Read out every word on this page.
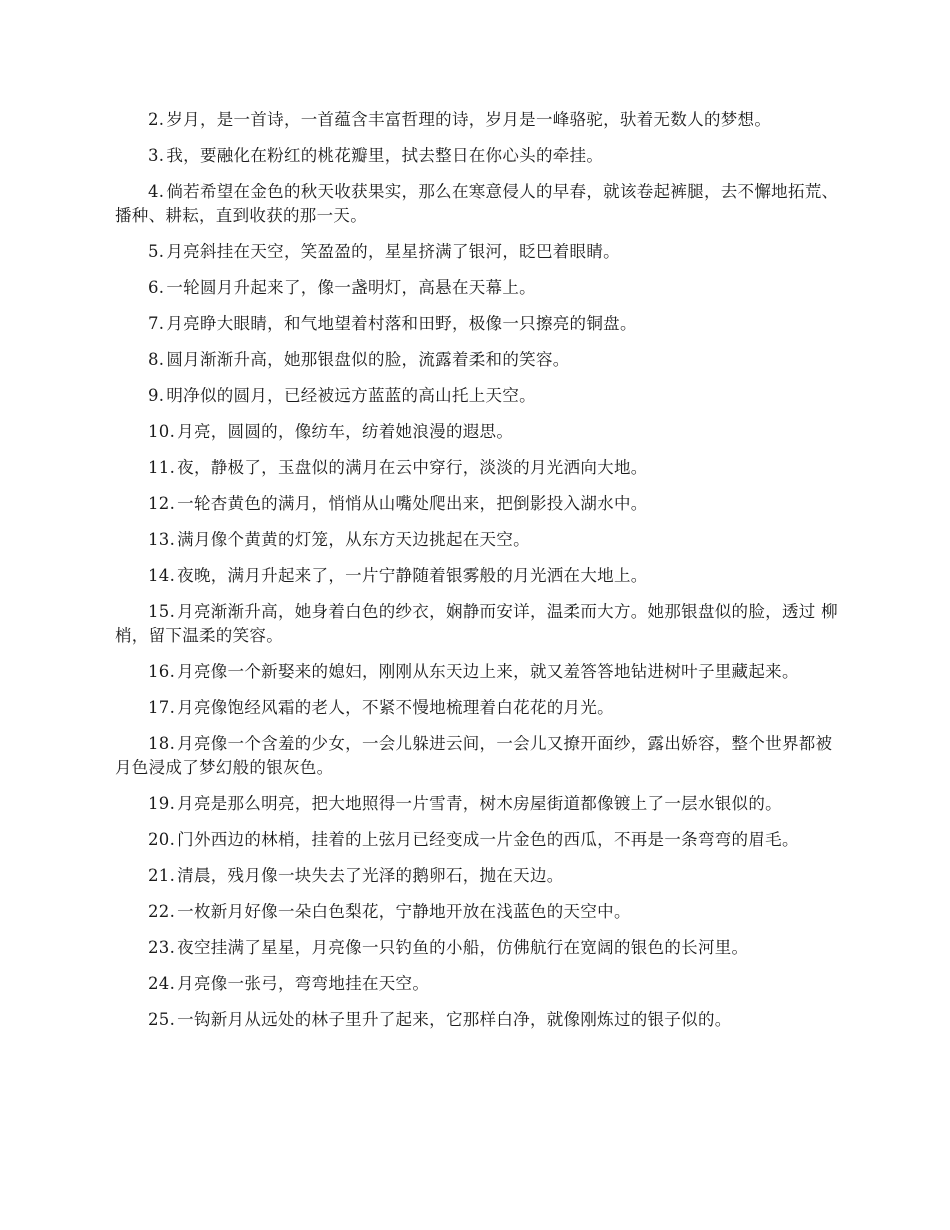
2. 岁月，是一首诗，一首蕴含丰富哲理的诗，岁月是一峰骆驼，驮着无数人的梦想。

3. 我，要融化在粉红的桃花瓣里，拭去整日在你心头的牵挂。

4. 倘若希望在金色的秋天收获果实，那么在寒意侵人的早春，就该卷起裤腿，去不懈地拓荒、播种、耕耘，直到收获的那一天。

5. 月亮斜挂在天空，笑盈盈的，星星挤满了银河，眨巴着眼睛。

6. 一轮圆月升起来了，像一盏明灯，高悬在天幕上。

7. 月亮睁大眼睛，和气地望着村落和田野，极像一只擦亮的铜盘。

8. 圆月渐渐升高，她那银盘似的脸，流露着柔和的笑容。

9. 明净似的圆月，已经被远方蓝蓝的高山托上天空。

10. 月亮，圆圆的，像纺车，纺着她浪漫的遐思。

11. 夜，静极了，玉盘似的满月在云中穿行，淡淡的月光洒向大地。

12. 一轮杏黄色的满月，悄悄从山嘴处爬出来，把倒影投入湖水中。

13. 满月像个黄黄的灯笼，从东方天边挑起在天空。

14. 夜晚，满月升起来了，一片宁静随着银雾般的月光洒在大地上。

15. 月亮渐渐升高，她身着白色的纱衣，娴静而安详，温柔而大方。她那银盘似的脸，透过 柳梢，留下温柔的笑容。

16. 月亮像一个新娶来的媳妇，刚刚从东天边上来，就又羞答答地钻进树叶子里藏起来。

17. 月亮像饱经风霜的老人，不紧不慢地梳理着白花花的月光。

18. 月亮像一个含羞的少女，一会儿躲进云间，一会儿又撩开面纱，露出娇容，整个世界都被月色浸成了梦幻般的银灰色。

19. 月亮是那么明亮，把大地照得一片雪青，树木房屋街道都像镀上了一层水银似的。

20. 门外西边的林梢，挂着的上弦月已经变成一片金色的西瓜，不再是一条弯弯的眉毛。

21. 清晨，残月像一块失去了光泽的鹅卵石，抛在天边。

22. 一枚新月好像一朵白色梨花，宁静地开放在浅蓝色的天空中。

23. 夜空挂满了星星，月亮像一只钓鱼的小船，仿佛航行在宽阔的银色的长河里。

24. 月亮像一张弓，弯弯地挂在天空。

25. 一钩新月从远处的林子里升了起来，它那样白净，就像刚炼过的银子似的。
